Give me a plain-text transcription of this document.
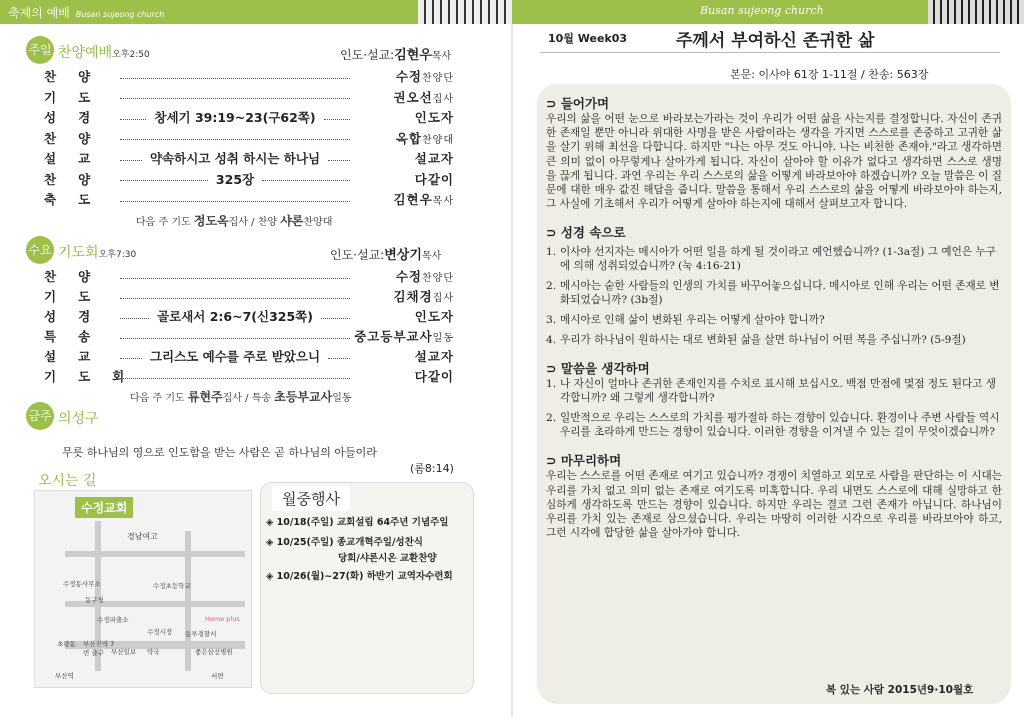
축제의 예배 Busan sujeong church	Busan sujeong church
주일 찬양예배오후2:50	인도·설교:김현우목사
찬양	수정찬양단
기도	권오선집사
성경	창세기 39:19~23(구62쪽)	인도자
찬양	옥합찬양대
설교	약속하시고 성취 하시는 하나님	설교자
찬양	325장	다같이
축도	김현우목사
다음 주 기도 정도옥집사 / 찬양 샤론찬양대
수요 기도회오후7:30	인도·설교:변상기목사
찬양	수정찬양단
기도	김채경집사
성경	골로새서 2:6~7(신325쪽)	인도자
특송	중고등부교사일동
설교	그리스도 예수를 주로 받았으니	설교자
기도회	다같이
다음 주 기도 류현주집사 / 특송 초등부교사일동
금주 의성구
무릇 하나님의 영으로 인도함을 받는 사람은 곧 하나님의 아들이라
(롬8:14)
오시는 길
수정교회
경남여고
수정동사무소	수정초등학교
동구청
수정파출소	Home plus
수정시장 동부경찰서
부산진역 7번 출구	부산일보 약국	좋은삼선병원
초량동
부산역	서면
월중행사
◈ 10/18(주일) 교회설립 64주년 기념주일
◈ 10/25(주일) 종교개혁주일/성찬식
당회/샤론시온 교환찬양
◈ 10/26(월)~27(화) 하반기 교역자수련회
10월 Week03	주께서 부여하신 존귀한 삶
본문: 이사야 61장 1-11절 / 찬송: 563장
⊃ 들어가며
우리의 삶을 어떤 눈으로 바라보는가라는 것이 우리가 어떤 삶을 사는지를 결정합니다. 자신이 존귀한 존재일 뿐만 아니라 위대한 사명을 받은 사람이라는 생각을 가지면 스스로를 존중하고 고귀한 삶을 살기 위해 최선을 다합니다. 하지만 "나는 아무 것도 아니야. 나는 비천한 존재야."라고 생각하면 큰 의미 없이 아무렇게나 살아가게 됩니다. 자신이 살아야 할 이유가 없다고 생각하면 스스로 생명을 끊게 됩니다. 과연 우리는 우리 스스로의 삶을 어떻게 바라보아야 하겠습니까? 오늘 말씀은 이 질문에 대한 매우 값진 해답을 줍니다. 말씀을 통해서 우리 스스로의 삶을 어떻게 바라보아야 하는지, 그 사실에 기초해서 우리가 어떻게 살아야 하는지에 대해서 살펴보고자 합니다.
⊃ 성경 속으로
1. 이사야 선지자는 메시아가 어떤 일을 하게 될 것이라고 예언했습니까? (1-3a절) 그 예언은 누구에 의해 성취되었습니까? (눅 4:16-21)
2. 메시아는 숱한 사람들의 인생의 가치를 바꾸어놓으십니다. 메시아로 인해 우리는 어떤 존재로 변화되었습니까? (3b절)
3. 메시아로 인해 삶이 변화된 우리는 어떻게 살아야 합니까?
4. 우리가 하나님이 원하시는 대로 변화된 삶을 살면 하나님이 어떤 복을 주십니까? (5-9절)
⊃ 말씀을 생각하며
1. 나 자신이 얼마나 존귀한 존재인지를 수치로 표시해 보십시오. 백점 만점에 몇점 정도 된다고 생각합니까? 왜 그렇게 생각합니까?
2. 일반적으로 우리는 스스로의 가치를 평가절하 하는 경향이 있습니다. 환경이나 주변 사람들 역시 우리를 초라하게 만드는 경향이 있습니다. 이러한 경향을 이겨낼 수 있는 길이 무엇이겠습니까?
⊃ 마무리하며
우리는 스스로를 어떤 존재로 여기고 있습니까? 경쟁이 치열하고 외모로 사람을 판단하는 이 시대는 우리를 가치 없고 의미 없는 존재로 여기도록 미혹합니다. 우리 내면도 스스로에 대해 실망하고 한심하게 생각하도록 만드는 경향이 있습니다. 하지만 우리는 결코 그런 존재가 아닙니다. 하나님이 우리를 가치 있는 존재로 삼으셨습니다. 우리는 마땅히 이러한 시각으로 우리를 바라보아야 하고, 그런 시각에 합당한 삶을 살아가야 합니다.
복 있는 사람 2015년9·10월호
